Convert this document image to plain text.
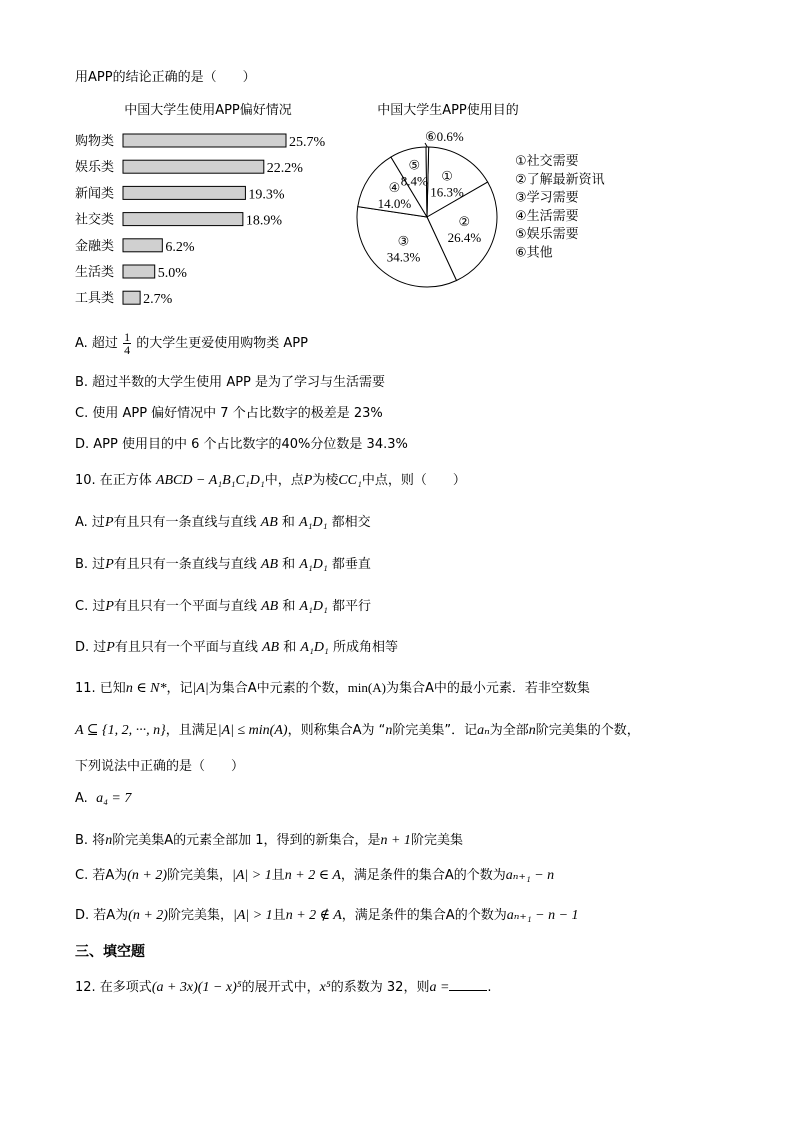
用APP的结论正确的是（　　）
中国大学生使用APP偏好情况
购物类	25.7%
娱乐类	22.2%
新闻类	19.3%
社交类	18.9%
金融类	6.2%
生活类	5.0%
工具类 2.7%
中国大学生APP使用目的
①
16.3%
②
26.4%
③
34.3%
④
14.0%
⑤
8.4%
⑥0.6%
①社交需要
②了解最新资讯
③学习需要
④生活需要
⑤娱乐需要
⑥其他
A. 超过 $\frac{1}{4}$ 的大学生更爱使用购物类 APP
B. 超过半数的大学生使用 APP 是为了学习与生活需要
C. 使用 APP 偏好情况中 7 个占比数字的极差是 23%
D. APP 使用目的中 6 个占比数字的40%分位数是 34.3%
10. 在正方体 ABCD − A₁B₁C₁D₁中，点P为棱CC₁中点，则（　　）
A. 过P有且只有一条直线与直线 AB 和 A₁D₁ 都相交
B. 过P有且只有一条直线与直线 AB 和 A₁D₁ 都垂直
C. 过P有且只有一个平面与直线 AB 和 A₁D₁ 都平行
D. 过P有且只有一个平面与直线 AB 和 A₁D₁ 所成角相等
11. 已知n ∈ N*，记|A|为集合A中元素的个数，min(A)为集合A中的最小元素．若非空数集
A ⊆ {1, 2, ···, n}，且满足|A| ≤ min(A)，则称集合A为 “n阶完美集”．记aₙ为全部n阶完美集的个数，
下列说法中正确的是（　　）
A. a₄ = 7
B. 将n阶完美集A的元素全部加 1，得到的新集合，是n + 1阶完美集
C. 若A为(n + 2)阶完美集，|A| > 1且n + 2 ∈ A，满足条件的集合A的个数为aₙ₊₁ − n
D. 若A为(n + 2)阶完美集，|A| > 1且n + 2 ∉ A，满足条件的集合A的个数为aₙ₊₁ − n − 1
三、填空题
12. 在多项式(a + 3x)(1 − x)⁵的展开式中，x⁵的系数为 32，则a =	.
